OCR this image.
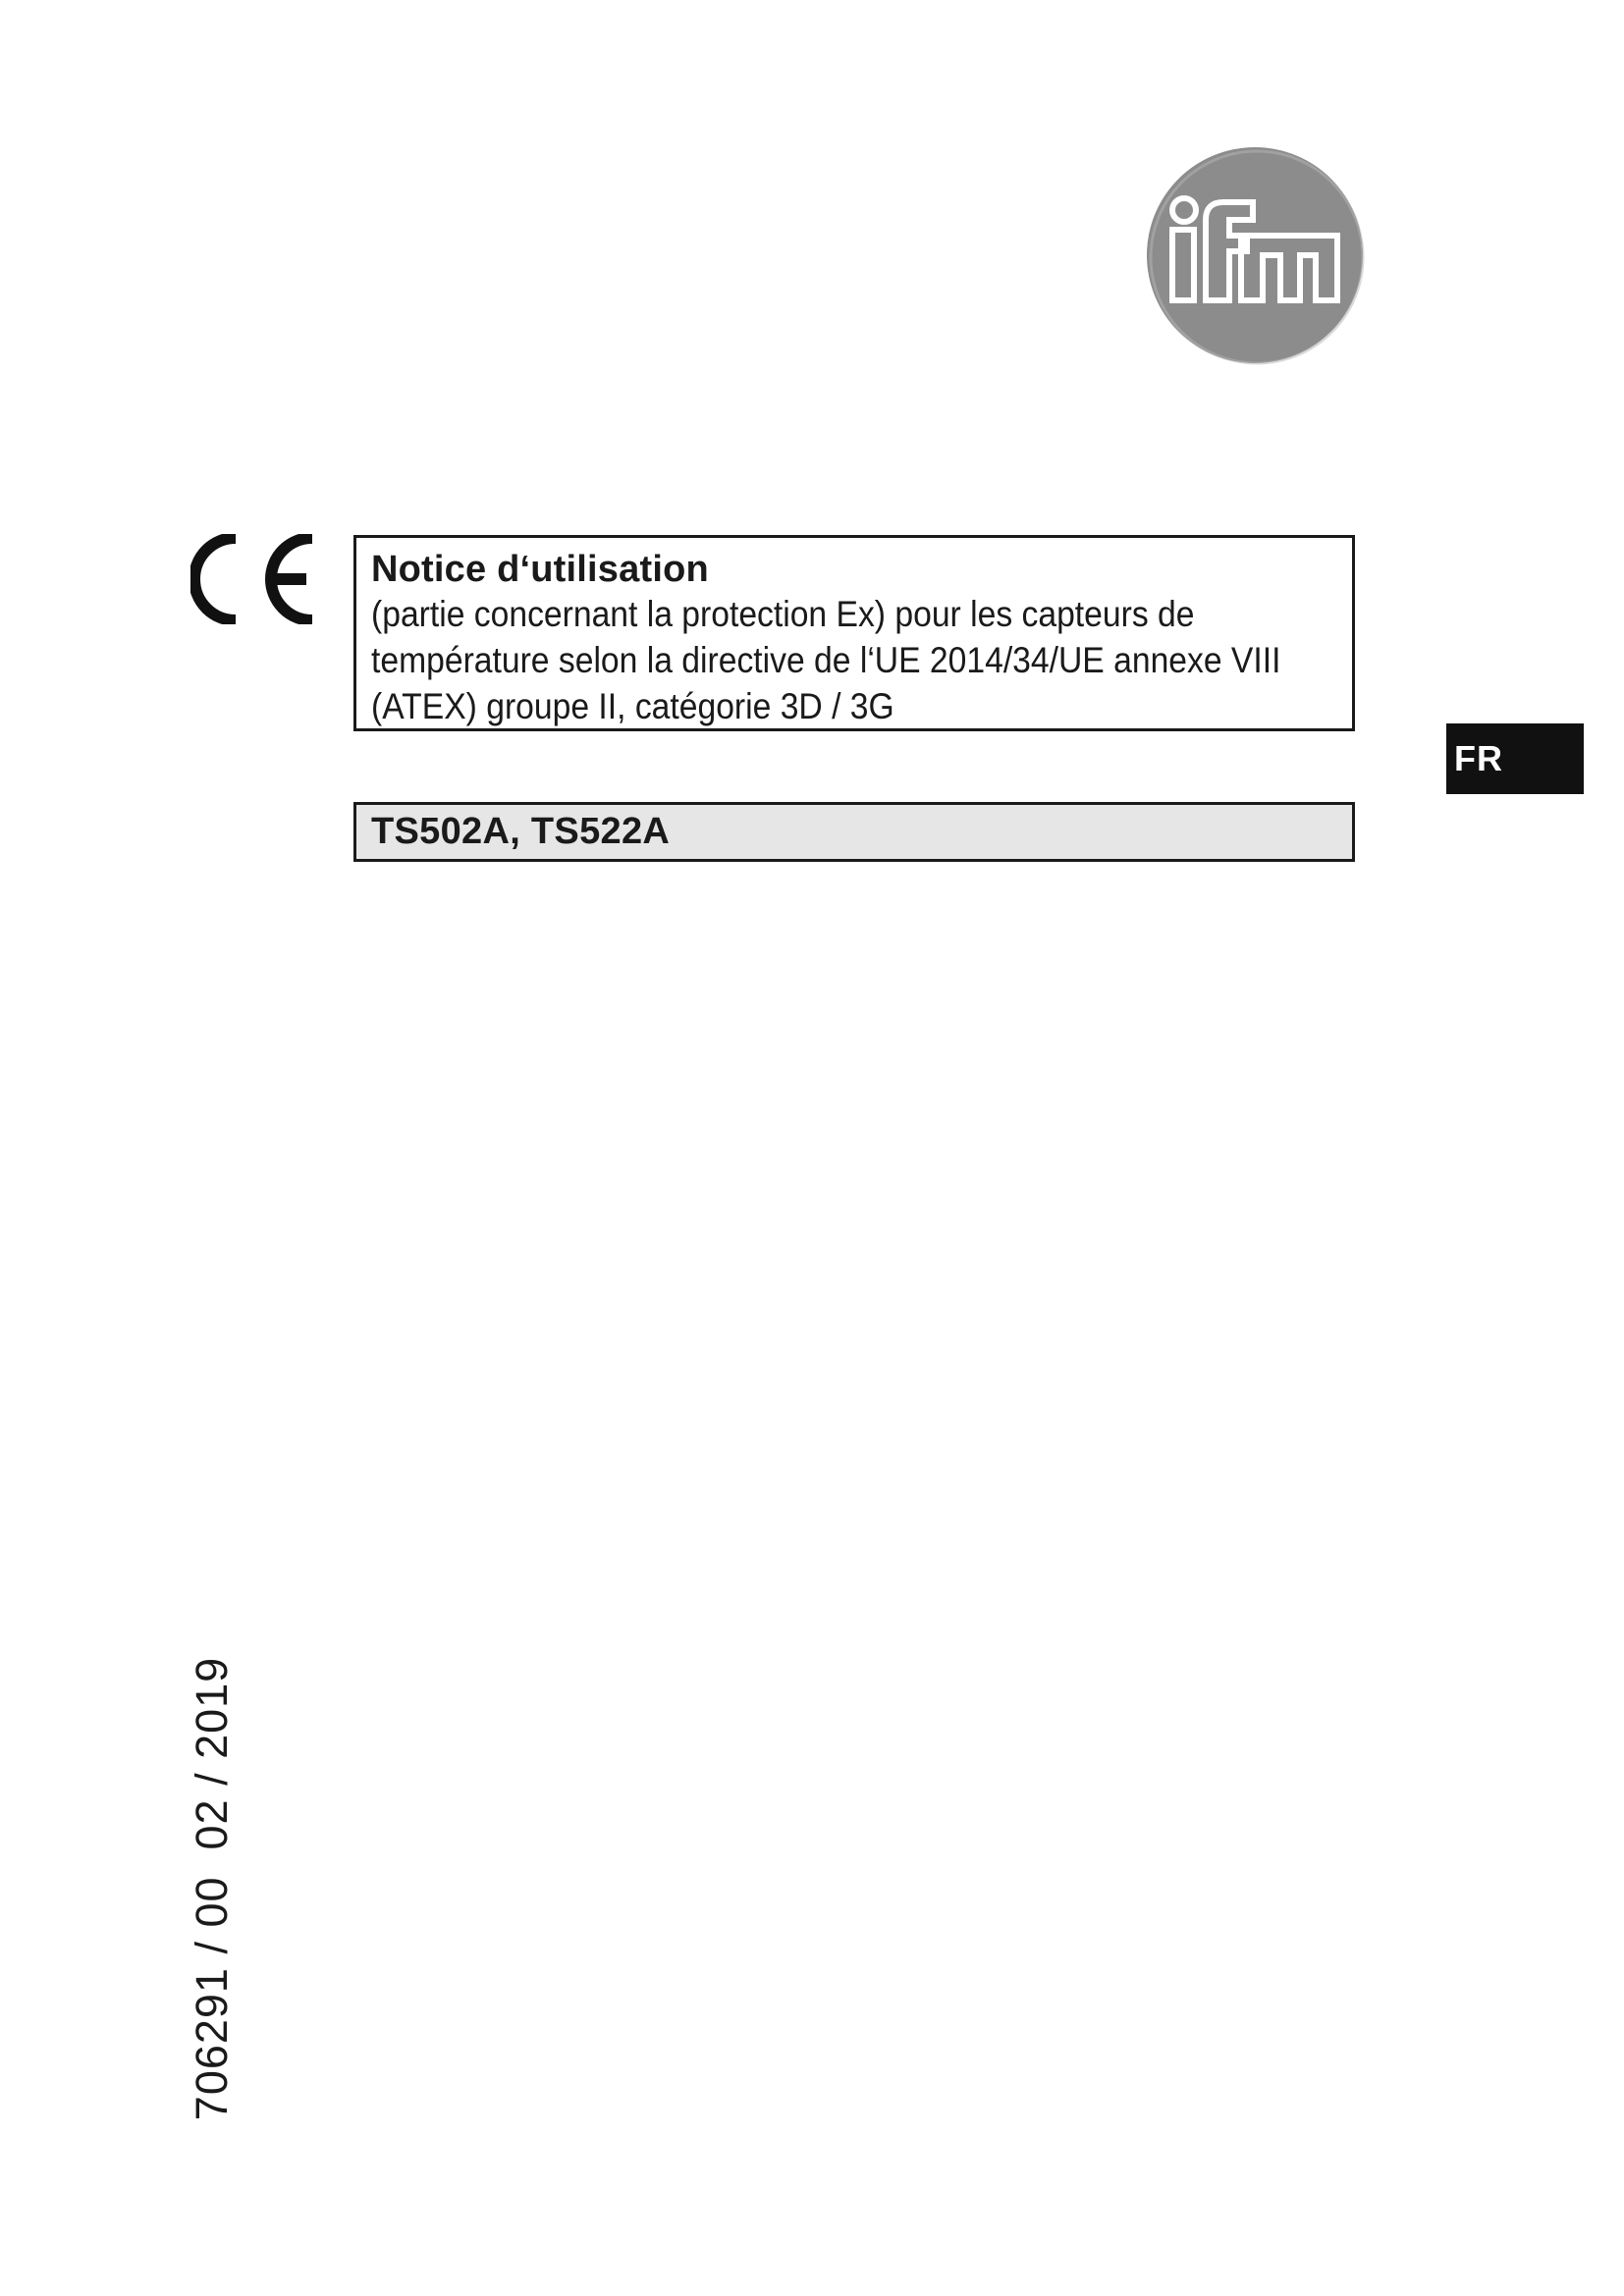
Notice d‘utilisation

(partie concernant la protection Ex) pour les capteurs de

température selon la directive de l‘UE 2014/34/UE annexe VIII

(ATEX) groupe II, catégorie 3D / 3G

FR
TS502A, TS522A
706291 / 00  02 / 2019
